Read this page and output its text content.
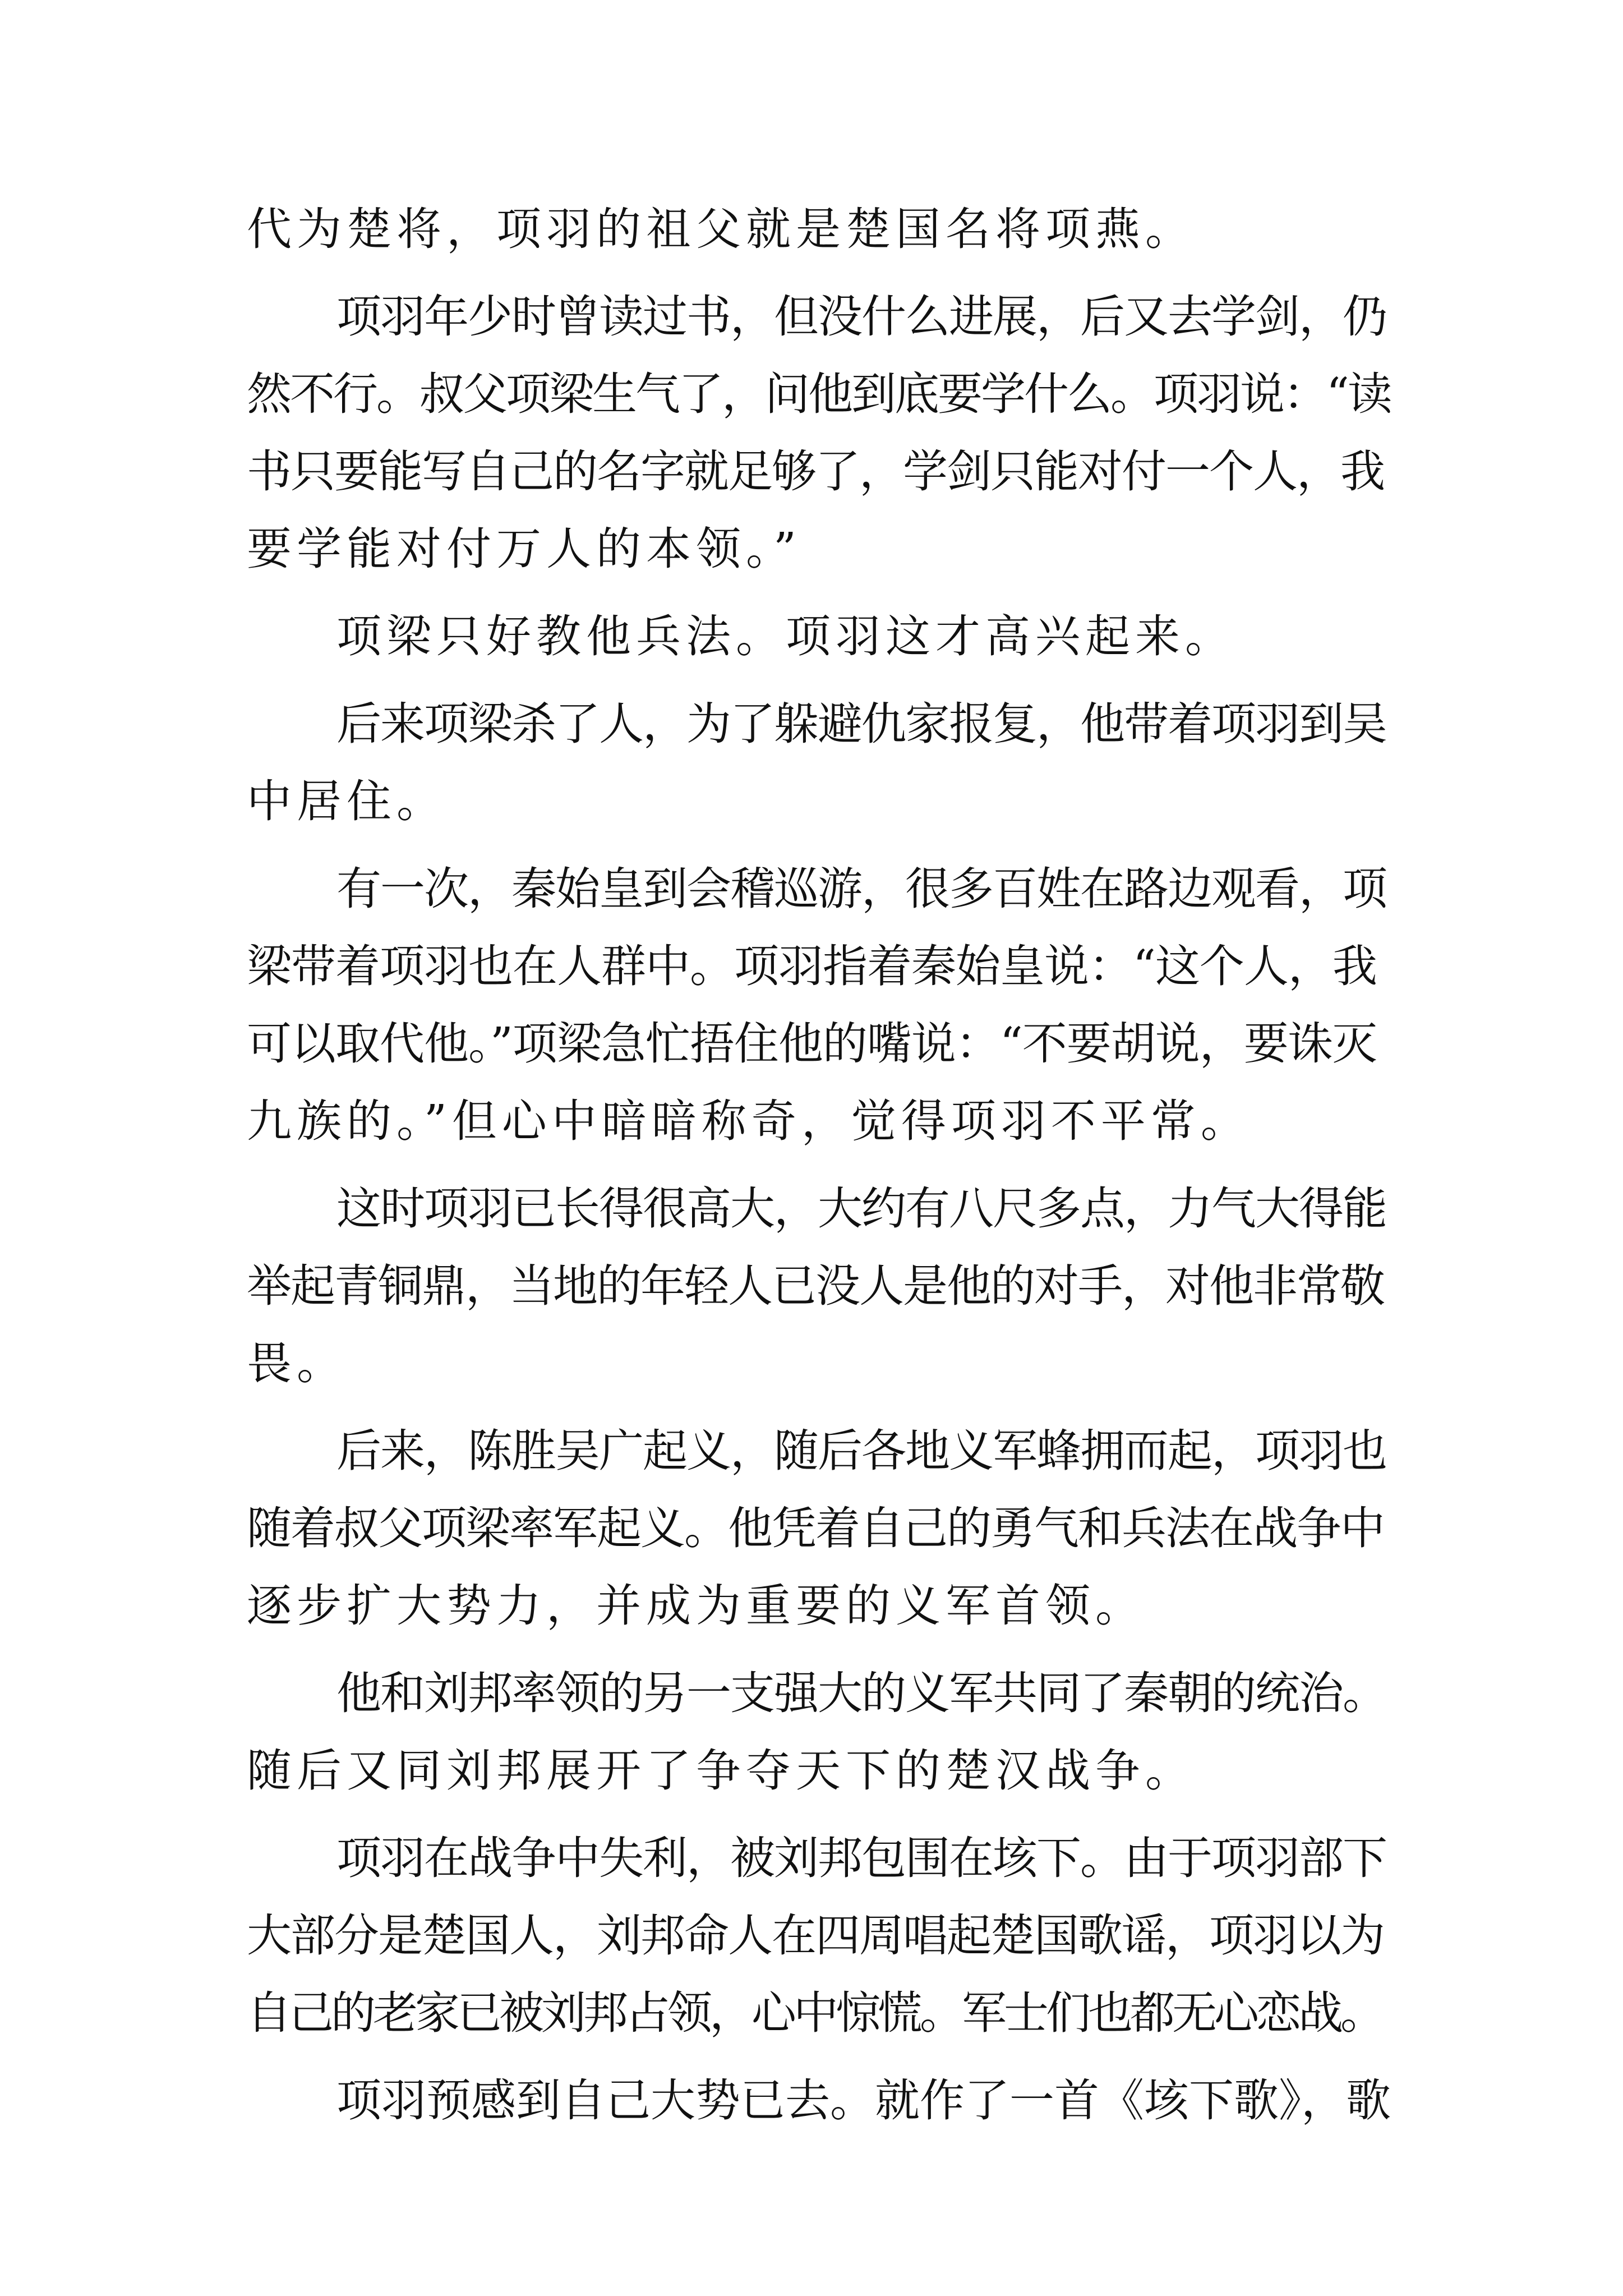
代为楚将，项羽的祖父就是楚国名将项燕。

项羽年少时曾读过书，但没什么进展，后又去学剑，仍
然不行。叔父项梁生气了，问他到底要学什么。项羽说：“读
书只要能写自己的名字就足够了，学剑只能对付一个人，我
要学能对付万人的本领。”

项梁只好教他兵法。项羽这才高兴起来。

后来项梁杀了人，为了躲避仇家报复，他带着项羽到吴
中居住。

有一次，秦始皇到会稽巡游，很多百姓在路边观看，项
梁带着项羽也在人群中。项羽指着秦始皇说：“这个人，我
可以取代他。”项梁急忙捂住他的嘴说：“不要胡说，要诛灭
九族的。”但心中暗暗称奇，觉得项羽不平常。

这时项羽已长得很高大，大约有八尺多点，力气大得能
举起青铜鼎，当地的年轻人已没人是他的对手，对他非常敬
畏。

后来，陈胜吴广起义，随后各地义军蜂拥而起，项羽也
随着叔父项梁率军起义。他凭着自己的勇气和兵法在战争中
逐步扩大势力，并成为重要的义军首领。

他和刘邦率领的另一支强大的义军共同了秦朝的统治。
随后又同刘邦展开了争夺天下的楚汉战争。

项羽在战争中失利，被刘邦包围在垓下。由于项羽部下
大部分是楚国人，刘邦命人在四周唱起楚国歌谣，项羽以为
自己的老家已被刘邦占领，心中惊慌。军士们也都无心恋战。

项羽预感到自己大势已去。就作了一首《垓下歌》，歌
